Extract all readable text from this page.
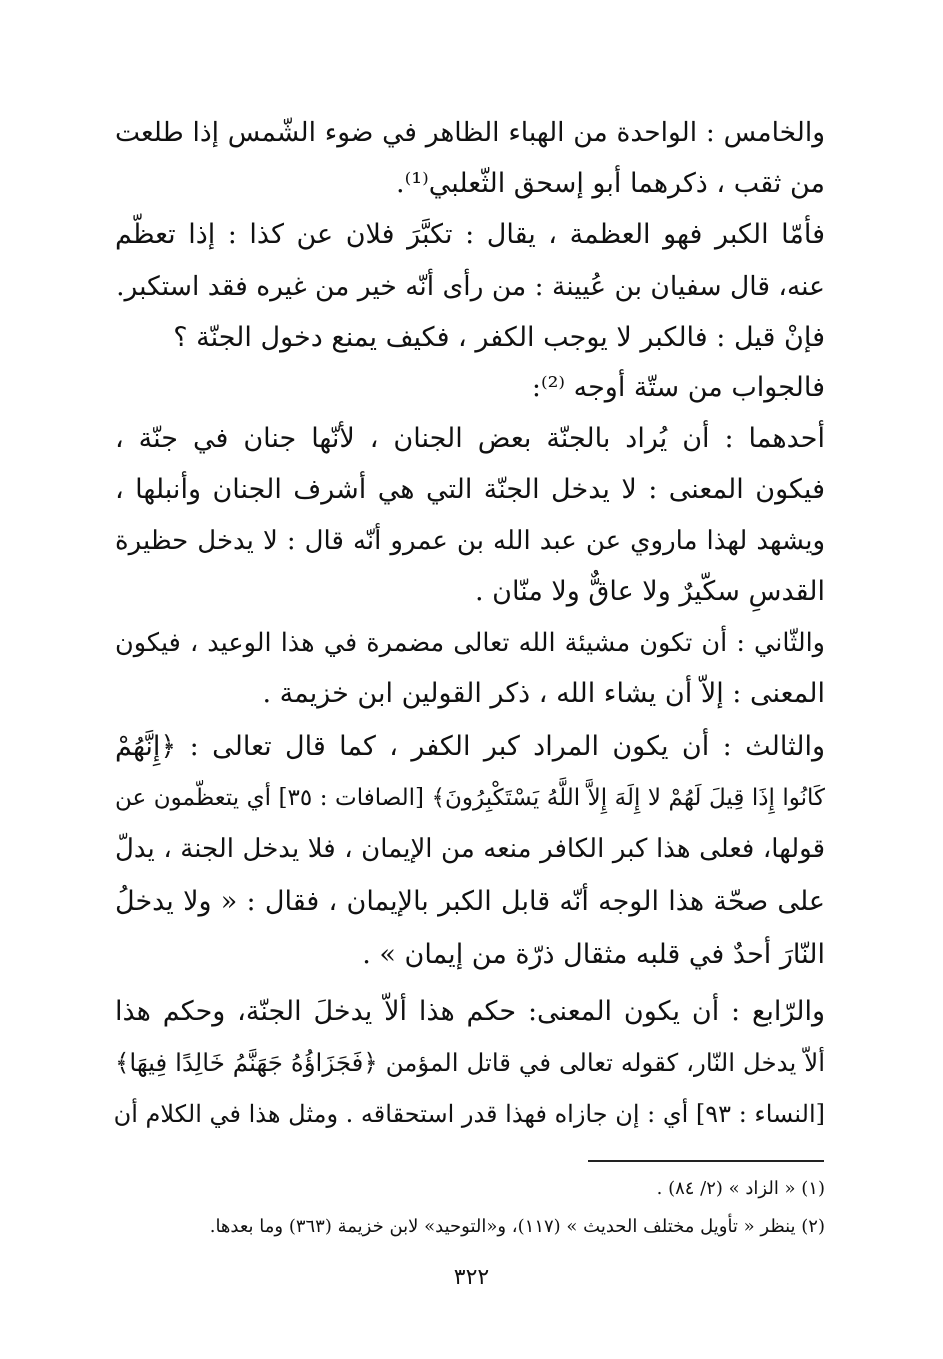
والخامس : الواحدة من الهباء الظاهر في ضوء الشّمس إذا طلعت
من ثقب ، ذكرهما أبو إسحق الثّعلبي⁽¹⁾.
فأمّا الكبر فهو العظمة ، يقال : تكبَّرَ فلان عن كذا : إذا تعظّم
عنه، قال سفيان بن عُيينة : من رأى أنّه خير من غيره فقد استكبر.
فإنْ قيل : فالكبر لا يوجب الكفر ، فكيف يمنع دخول الجنّة ؟
فالجواب من ستّة أوجه ⁽²⁾:
أحدهما : أن يُراد بالجنّة بعض الجنان ، لأنّها جنان في جنّة ،
فيكون المعنى : لا يدخل الجنّة التي هي أشرف الجنان وأنبلها ،
ويشهد لهذا ماروي عن عبد الله بن عمرو أنّه قال : لا يدخل حظيرة
القدسِ سكّيرٌ ولا عاقٌّ ولا منّان .
والثّاني : أن تكون مشيئة الله تعالى مضمرة في هذا الوعيد ، فيكون
المعنى : إلاّ أن يشاء الله ، ذكر القولين ابن خزيمة .
والثالث : أن يكون المراد كبر الكفر ، كما قال تعالى : ﴿إِنَّهُمْ
كَانُوا إِذَا قِيلَ لَهُمْ لا إِلَهَ إِلاَّ اللَّهُ يَسْتَكْبِرُونَ﴾ [الصافات : ٣٥] أي يتعظّمون عن
قولها، فعلى هذا كبر الكافر منعه من الإيمان ، فلا يدخل الجنة ، يدلّ
على صحّة هذا الوجه أنّه قابل الكبر بالإيمان ، فقال : « ولا يدخلُ
النّارَ أحدٌ في قلبه مثقال ذرّة من إيمان » .
والرّابع : أن يكون المعنى: حكم هذا ألاّ يدخلَ الجنّة، وحكم هذا
ألاّ يدخل النّار، كقوله تعالى في قاتل المؤمن ﴿فَجَزَاؤُهُ جَهَنَّمُ خَالِدًا فِيهَا﴾
[النساء : ٩٣] أي : إن جازاه فهذا قدر استحقاقه . ومثل هذا في الكلام أن
(١) « الزاد » (٢/ ٨٤) .
(٢) ينظر « تأويل مختلف الحديث » (١١٧)، و«التوحيد» لابن خزيمة (٣٦٣) وما بعدها.
٣٢٢
